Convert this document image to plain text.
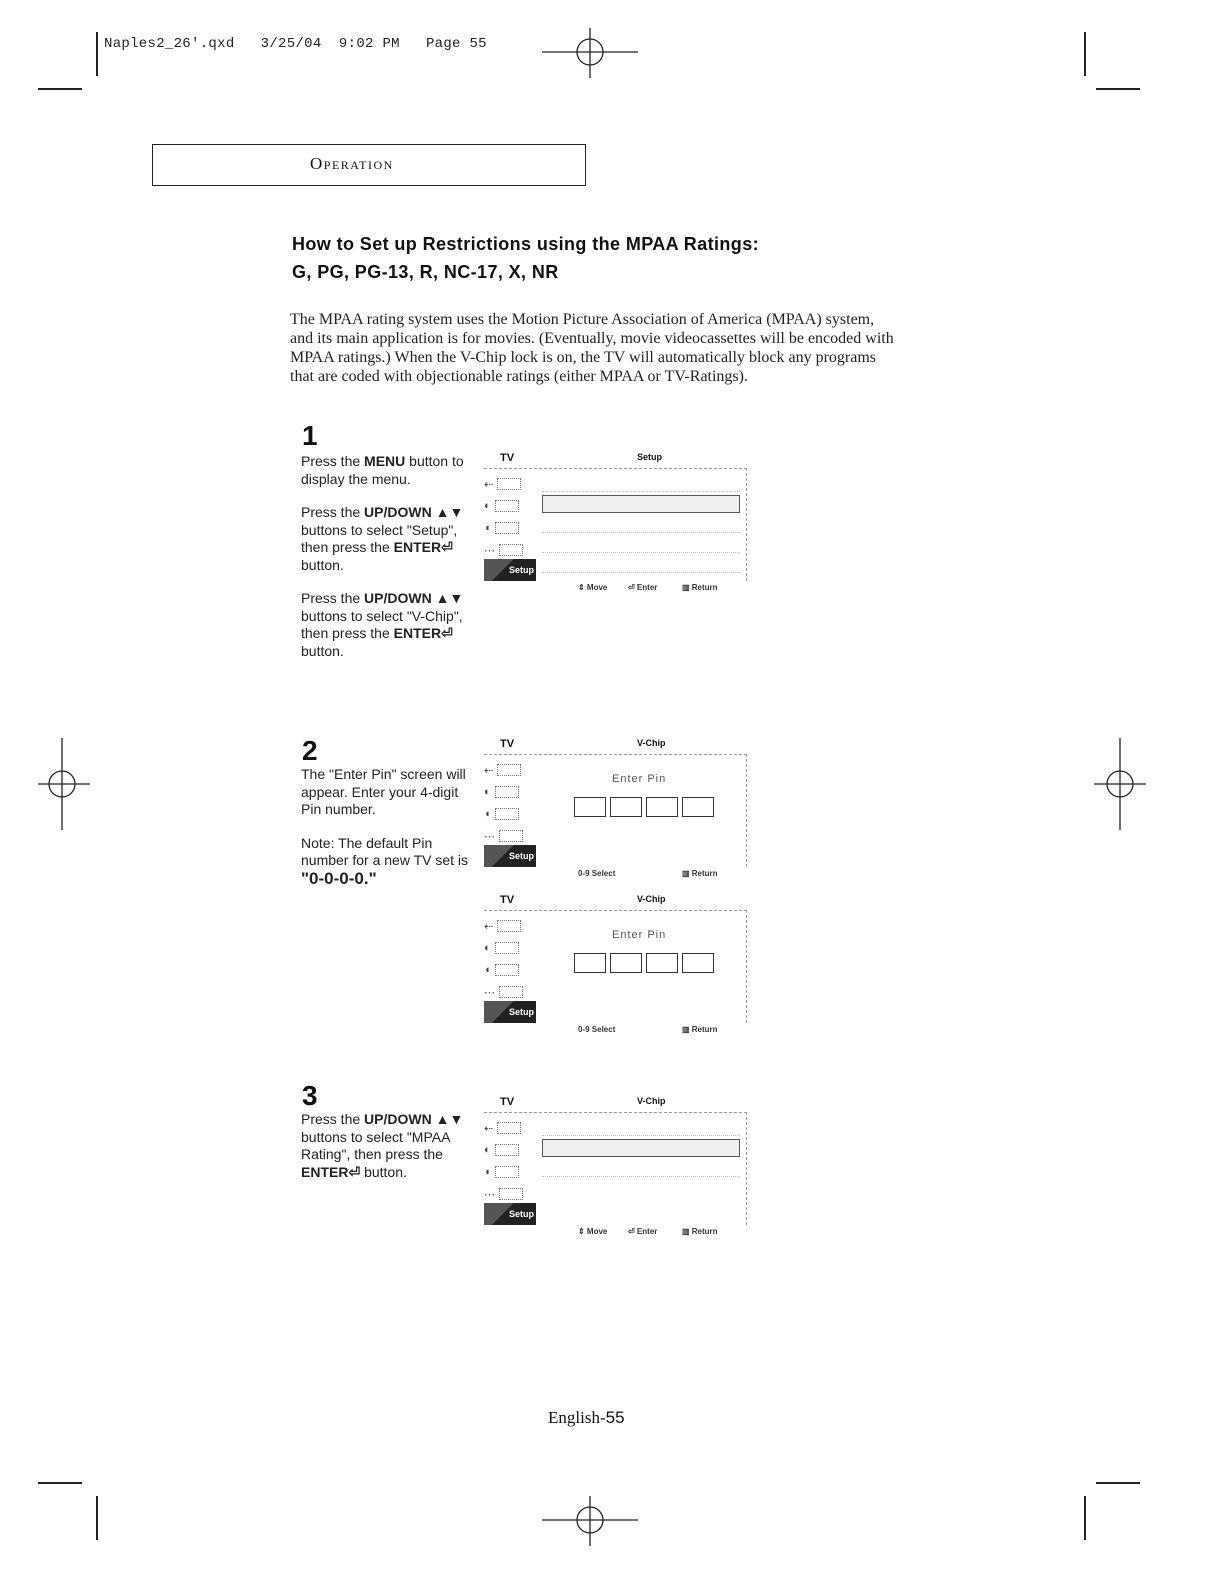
Naples2_26'.qxd   3/25/04  9:02 PM   Page 55
Operation
How to Set up Restrictions using the MPAA Ratings:
G, PG, PG-13, R, NC-17, X, NR

The MPAA rating system uses the Motion Picture Association of America (MPAA) system,

and its main application is for movies. (Eventually, movie videocassettes will be encoded with

MPAA ratings.) When the V-Chip lock is on, the TV will automatically block any programs

that are coded with objectionable ratings (either MPAA or TV-Ratings).

1

Press the MENU button to display the menu.

Press the UP/DOWN ▲▼ buttons to select "Setup", then press the ENTER⏎ button.

Press the UP/DOWN ▲▼ buttons to select "V-Chip", then press the ENTER⏎ button.

TV	Setup
⇠
◐
◖
⋯
Setup
⇕ Move	⏎ Enter	▥ Return
2

The "Enter Pin" screen will appear. Enter your 4-digit Pin number.

Note: The default Pin number for a new TV set is "0-0-0-0."

TV	V-Chip
⇠
◐
◖
⋯
Setup
Enter Pin
0-9 Select	▥ Return
TV	V-Chip
⇠
◐
◖
⋯
Setup
Enter Pin
0-9 Select	▥ Return
3

Press the UP/DOWN ▲▼ buttons to select "MPAA Rating", then press the ENTER⏎ button.

TV	V-Chip
⇠
◐
◖
⋯
Setup
⇕ Move	⏎ Enter	▥ Return
English-55
